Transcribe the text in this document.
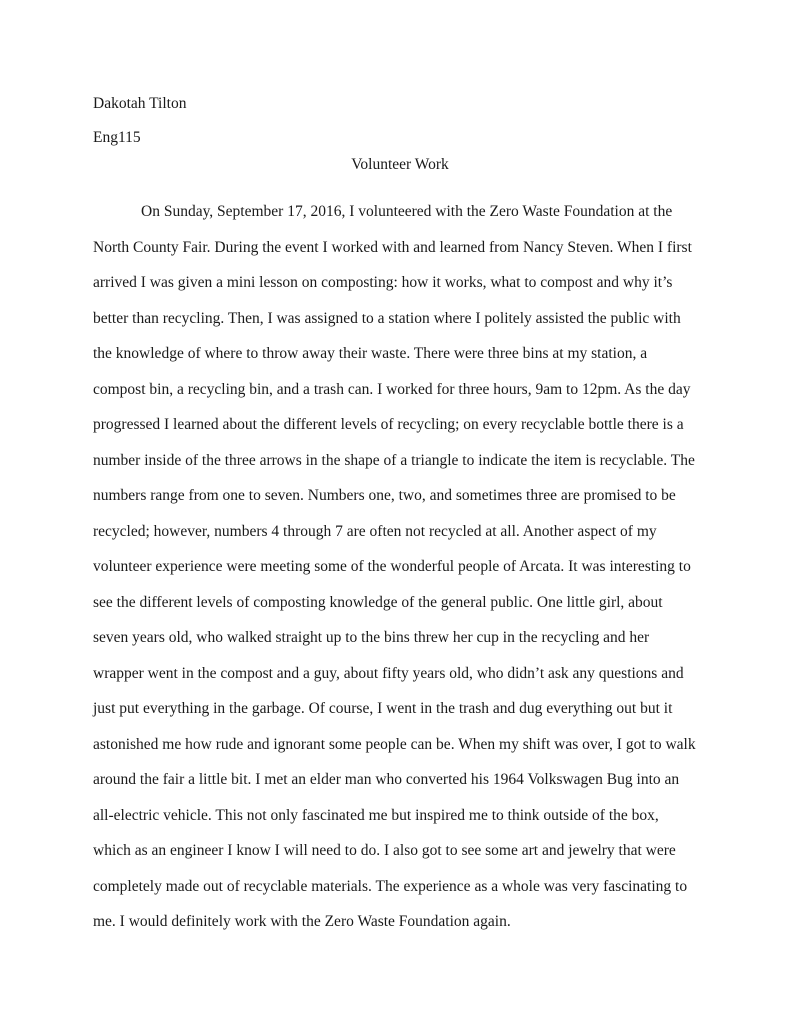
Dakotah Tilton
Eng115
Volunteer Work
On Sunday, September 17, 2016, I volunteered with the Zero Waste Foundation at the
North County Fair. During the event I worked with and learned from Nancy Steven. When I first
arrived I was given a mini lesson on composting: how it works, what to compost and why it’s
better than recycling. Then, I was assigned to a station where I politely assisted the public with
the knowledge of where to throw away their waste. There were three bins at my station, a
compost bin, a recycling bin, and a trash can. I worked for three hours, 9am to 12pm. As the day
progressed I learned about the different levels of recycling; on every recyclable bottle there is a
number inside of the three arrows in the shape of a triangle to indicate the item is recyclable. The
numbers range from one to seven. Numbers one, two, and sometimes three are promised to be
recycled; however, numbers 4 through 7 are often not recycled at all. Another aspect of my
volunteer experience were meeting some of the wonderful people of Arcata. It was interesting to
see the different levels of composting knowledge of the general public. One little girl, about
seven years old, who walked straight up to the bins threw her cup in the recycling and her
wrapper went in the compost and a guy, about fifty years old, who didn’t ask any questions and
just put everything in the garbage. Of course, I went in the trash and dug everything out but it
astonished me how rude and ignorant some people can be. When my shift was over, I got to walk
around the fair a little bit. I met an elder man who converted his 1964 Volkswagen Bug into an
all-electric vehicle. This not only fascinated me but inspired me to think outside of the box,
which as an engineer I know I will need to do. I also got to see some art and jewelry that were
completely made out of recyclable materials. The experience as a whole was very fascinating to
me. I would definitely work with the Zero Waste Foundation again.
